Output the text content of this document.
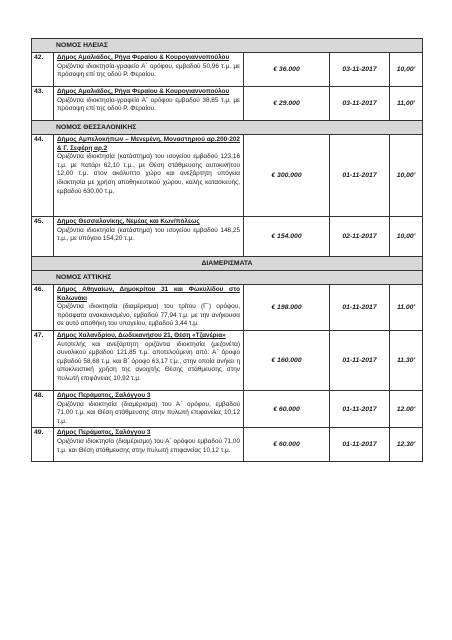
ΝΟΜΟΣ ΗΛΕΙΑΣ				
42.	Δήμος Αμαλιάδος, Ρήγα Φεραίου & Κουρογιαννοπούλου
Οριζόντια ιδιοκτησία-γραφείο Α΄ ορόφου, εμβαδού 50,96 τ.μ. με πρόσοψη επί της οδού Ρ. Φεραίου.	€ 36.000	03-11-2017	10,00'
43.	Δήμος Αμαλιάδος, Ρήγα Φεραίου & Κουρογιαννοπούλου
Οριζόντια ιδιοκτησία-γραφείο Α΄ ορόφου εμβαδού 38,85 τ.μ. με πρόσοψη επί της οδού Ρ. Φεραίου.	€ 29.000	03-11-2017	11,00'
ΝΟΜΟΣ ΘΕΣΣΑΛΟΝΙΚΗΣ				
44.	Δήμος Αμπελοκήπων – Μενεμένη, Μοναστηριού αρ.200-202 & Γ. Σεφέρη αρ.2
Οριζόντια ιδιοκτησία (κατάστημα) του ισογείου εμβαδού 123,16 τ.μ. με πατάρι 62,10 τ.μ., με Θέση στάθμευσης αυτοκινήτου 12,00 τ.μ. στον ακάλυπτο χώρο και ανεξάρτητη υπόγεια ιδιοκτησία με χρήση αποθηκευτικού χώρου, καλής κατασκευής, εμβαδού 630,00 τ.μ.	€ 300.000	01-11-2017	10,00'
45.	Δήμος Θεσσαλονίκης, Νεμέας και Κων/πόλεως
Οριζόντια ιδιοκτησία (κατάστημα) του ισογείου εμβαδού 148,25 τ.μ., με υπόγειο 154,20 τ.μ.	€ 154.000	02-11-2017	10,00'
ΔΙΑΜΕΡΙΣΜΑΤΑ				
ΝΟΜΟΣ ΑΤΤΙΚΗΣ				
46.	Δήμος Αθηναίων, Δημοκρίτου 31 και Φωκυλίδου στο Κολωνάκι
Οριζόντια ιδιοκτησία (διαμέρισμα) του τρίτου (Γ΄) ορόφου, πρόσφατα ανακαινισμένο, εμβαδού 77,94 τ.μ. με την ανήκουσα σε αυτό αποθήκη του υπογείου, εμβαδού 3,44 τ.μ.	€ 198.000	01-11-2017	11.00'
47.	Δήμος Χαλανδρίου, Δωδεκανήσου 21, Θέση «Τζανέρια»
Αυτοτελής και ανεξάρτητη οριζόντια ιδιοκτησία (μεζονέτα) συνολικού εμβαδού 121,85 τ.μ. αποτελούμενη από: Α΄ όροφο εμβαδού 58,68 τ.μ. και Β΄ όροφο 63,17 τ.μ., στην οποία ανήκει η αποκλειστική χρήση της ανοιχτής Θέσης στάθμευσης στην πυλωτή επιφάνειας 10,92 τ.μ.	€ 160.000	01-11-2017	11.30'
48.	Δήμος Περάματος, Σαλόγγου 3
Οριζόντια ιδιοκτησία (διαμέρισμα) του Α΄ ορόφου, εμβαδού 71,00 τ.μ. και Θέση στάθμευσης στην πυλωτή επιφανείας 10,12 τ.μ.	€ 60.000	01-11-2017	12.00'
49.	Δήμος Περάματος, Σαλόγγου 3
Οριζόντια ιδιοκτησία (διαμέρισμα) του Α΄ ορόφου εμβαδού 71,00 τ.μ. και Θέση στάθμευσης στην πυλωτή επιφανείας 10,12 τ.μ.	€ 60.000	01-11-2017	12.30'
